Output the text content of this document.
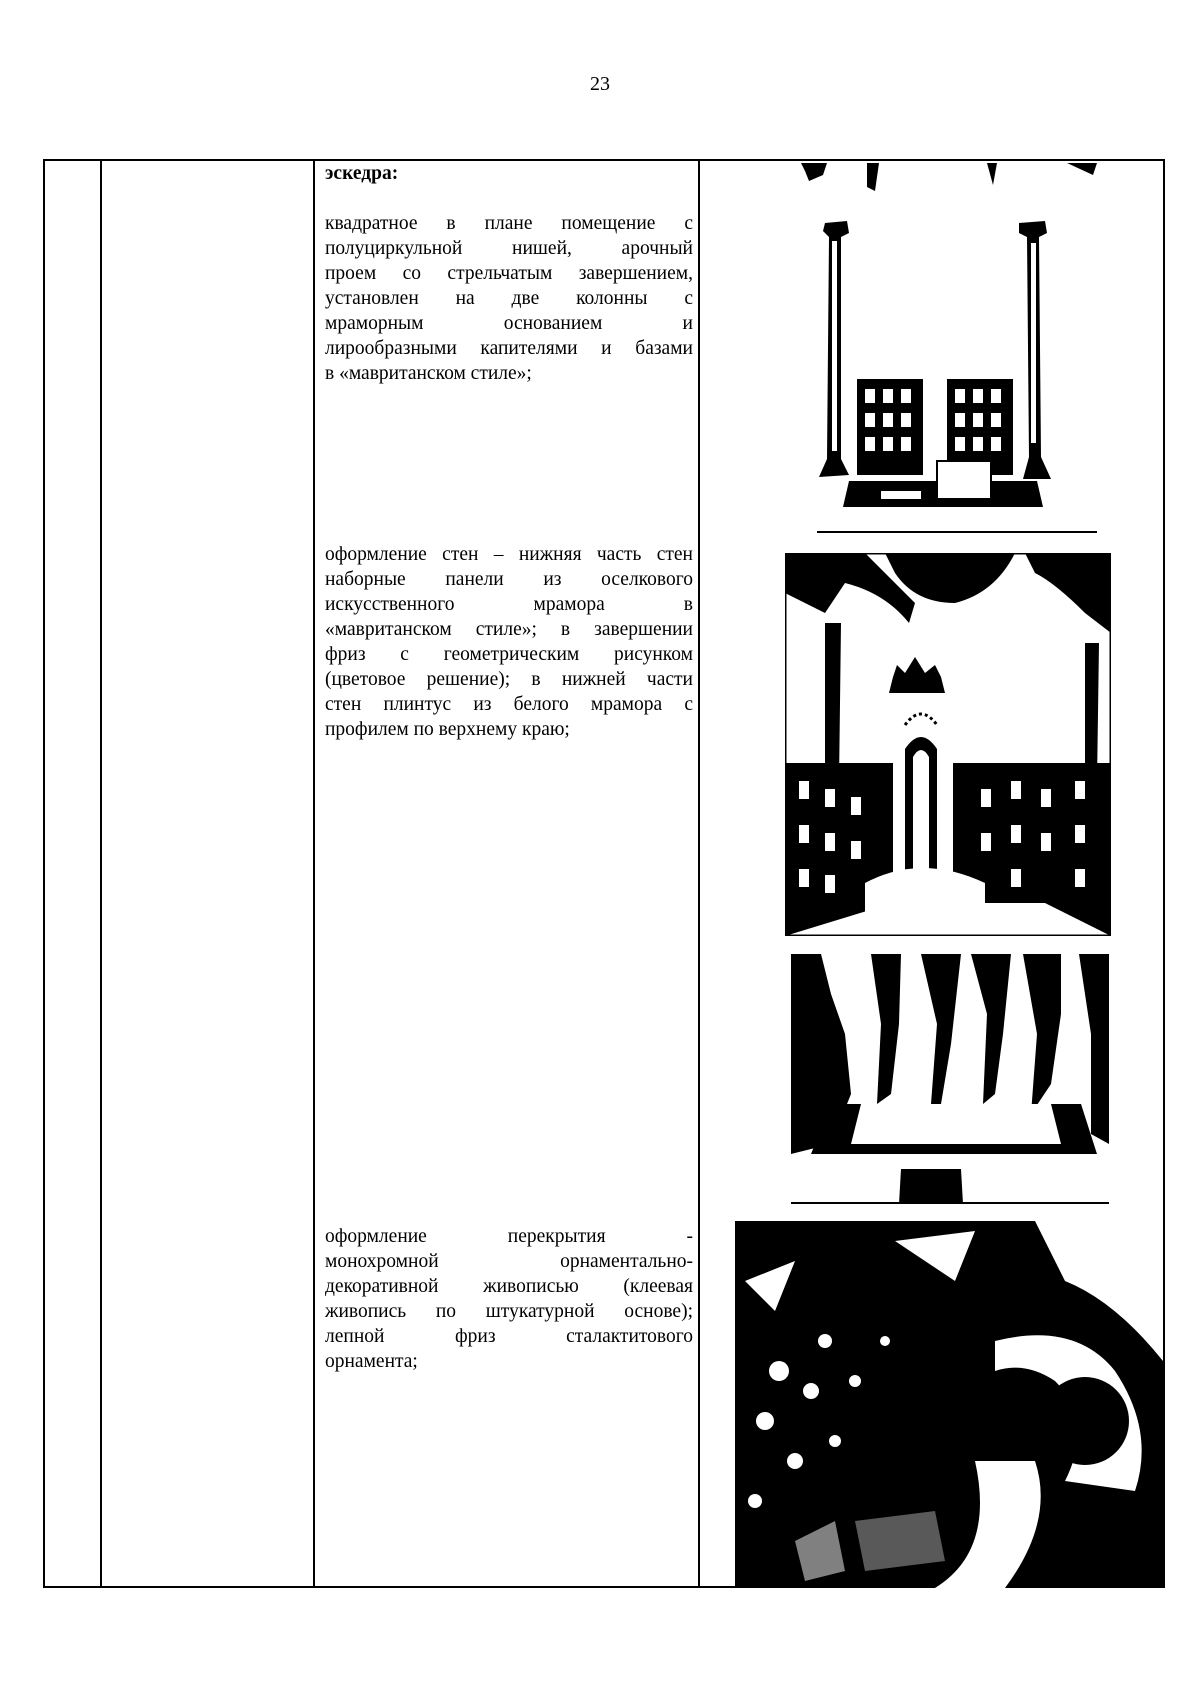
23
эскедра:
квадратное в плане помещение с
полуциркульной нишей, арочный
проем со стрельчатым завершением,
установлен на две колонны с
мраморным основанием и
лирообразными капителями и базами
в «мавританском стиле»;
оформление стен – нижняя часть стен
наборные панели из оселкового
искусственного мрамора в
«мавританском стиле»; в завершении
фриз с геометрическим рисунком
(цветовое решение); в нижней части
стен плинтус из белого мрамора с
профилем по верхнему краю;
оформление перекрытия -
монохромной орнаментально-
декоративной живописью (клеевая
живопись по штукатурной основе);
лепной фриз сталактитового
орнамента;
